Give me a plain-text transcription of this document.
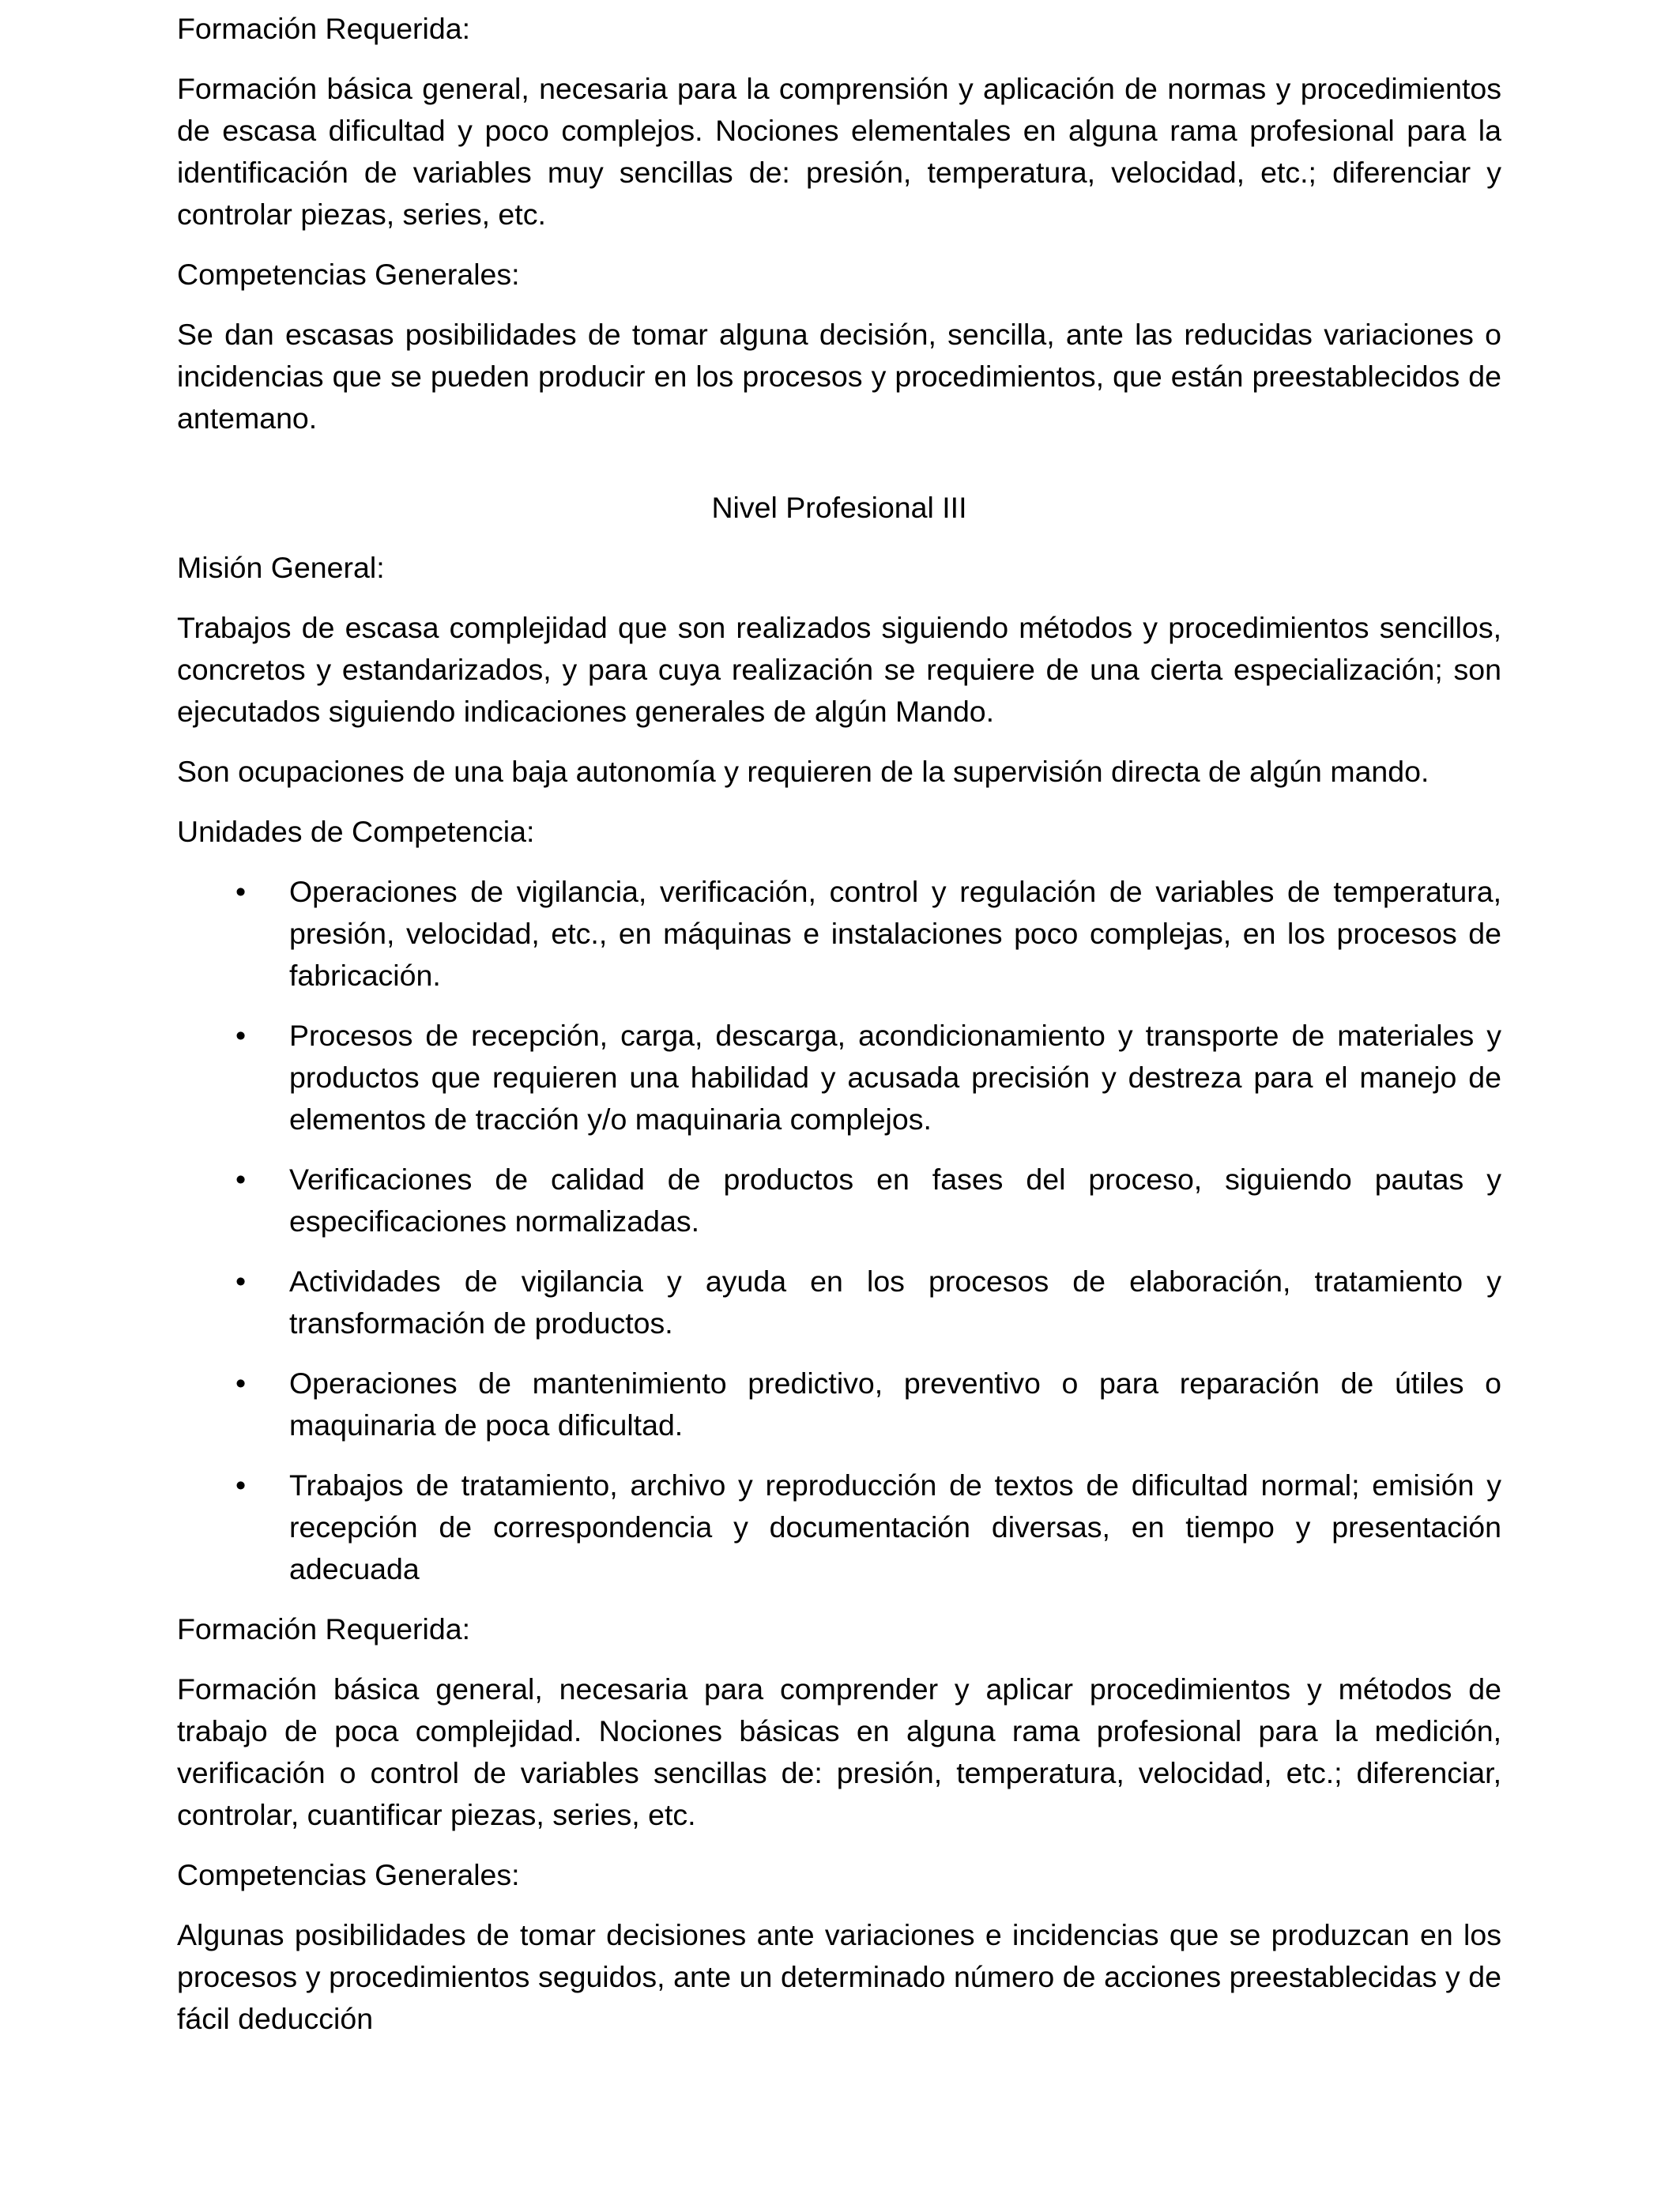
Formación Requerida:

Formación básica general, necesaria para la comprensión y aplicación de normas y procedimientos de escasa dificultad y poco complejos. Nociones elementales en alguna rama profesional para la identificación de variables muy sencillas de: presión, temperatura, velocidad, etc.; diferenciar y controlar piezas, series, etc.

Competencias Generales:

Se dan escasas posibilidades de tomar alguna decisión, sencilla, ante las reducidas variaciones o incidencias que se pueden producir en los procesos y procedimientos, que están preestablecidos de antemano.

Nivel Profesional III

Misión General:

Trabajos de escasa complejidad que son realizados siguiendo métodos y procedimientos sencillos, concretos y estandarizados, y para cuya realización se requiere de una cierta especialización; son ejecutados siguiendo indicaciones generales de algún Mando.

Son ocupaciones de una baja autonomía y requieren de la supervisión directa de algún mando.

Unidades de Competencia:

• Operaciones de vigilancia, verificación, control y regulación de variables de temperatura, presión, velocidad, etc., en máquinas e instalaciones poco complejas, en los procesos de fabricación.
• Procesos de recepción, carga, descarga, acondicionamiento y transporte de materiales y productos que requieren una habilidad y acusada precisión y destreza para el manejo de elementos de tracción y/o maquinaria complejos.
• Verificaciones de calidad de productos en fases del proceso, siguiendo pautas y especificaciones normalizadas.
• Actividades de vigilancia y ayuda en los procesos de elaboración, tratamiento y transformación de productos.
• Operaciones de mantenimiento predictivo, preventivo o para reparación de útiles o maquinaria de poca dificultad.
• Trabajos de tratamiento, archivo y reproducción de textos de dificultad normal; emisión y recepción de correspondencia y documentación diversas, en tiempo y presentación adecuada

Formación Requerida:

Formación básica general, necesaria para comprender y aplicar procedimientos y métodos de trabajo de poca complejidad. Nociones básicas en alguna rama profesional para la medición, verificación o control de variables sencillas de: presión, temperatura, velocidad, etc.; diferenciar, controlar, cuantificar piezas, series, etc.

Competencias Generales:

Algunas posibilidades de tomar decisiones ante variaciones e incidencias que se produzcan en los procesos y procedimientos seguidos, ante un determinado número de acciones preestablecidas y de fácil deducción
